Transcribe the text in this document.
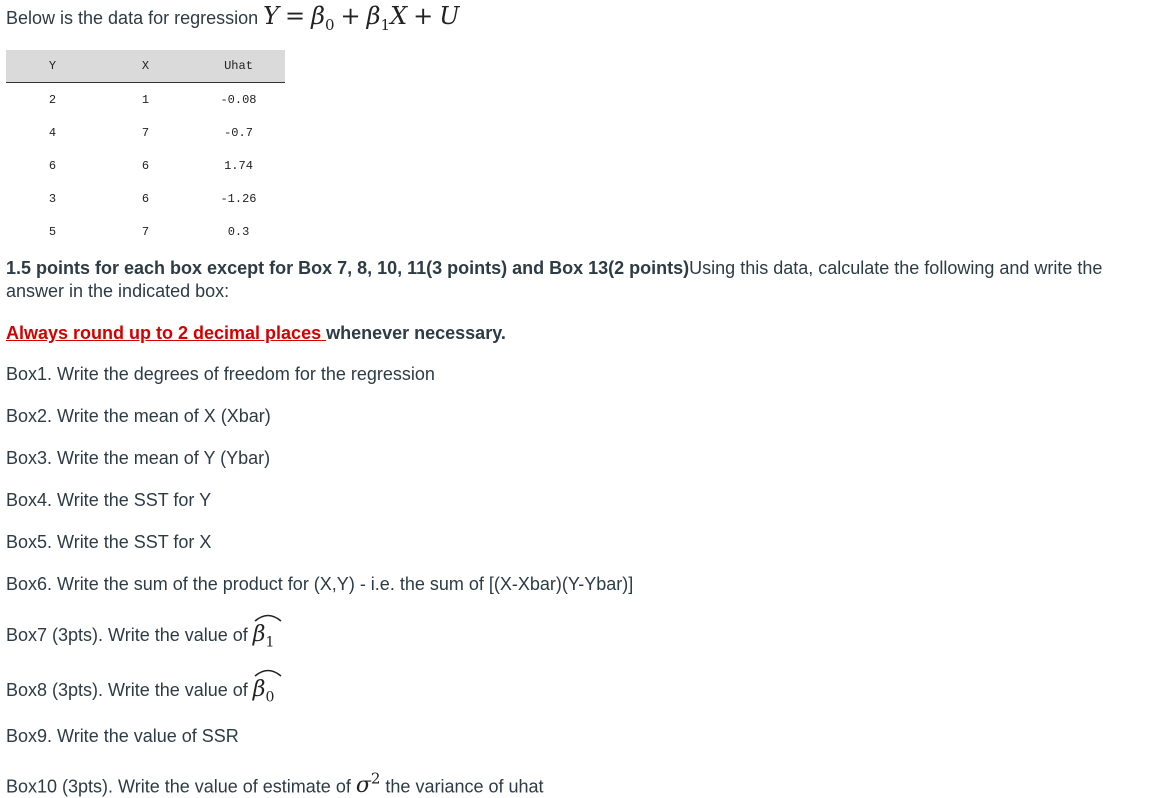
Below is the data for regression $Y = \beta_0 + \beta_1X + U$
Y	X	Uhat
2	1	-0.08
4	7	-0.7
6	6	1.74
3	6	-1.26
5	7	0.3
1.5 points for each box except for Box 7, 8, 10, 11(3 points) and Box 13(2 points)Using this data, calculate the following and write the answer in the indicated box:
Always round up to 2 decimal places whenever necessary.
Box1. Write the degrees of freedom for the regression
Box2. Write the mean of X (Xbar)
Box3. Write the mean of Y (Ybar)
Box4. Write the SST for Y
Box5. Write the SST for X
Box6. Write the sum of the product for (X,Y) - i.e. the sum of [(X-Xbar)(Y-Ybar)]
Box7 (3pts). Write the value of
$\beta_1$
Box8 (3pts). Write the value of
$\beta_0$
Box9. Write the value of SSR
Box10 (3pts). Write the value of estimate of $\sigma^2$ the variance of uhat
